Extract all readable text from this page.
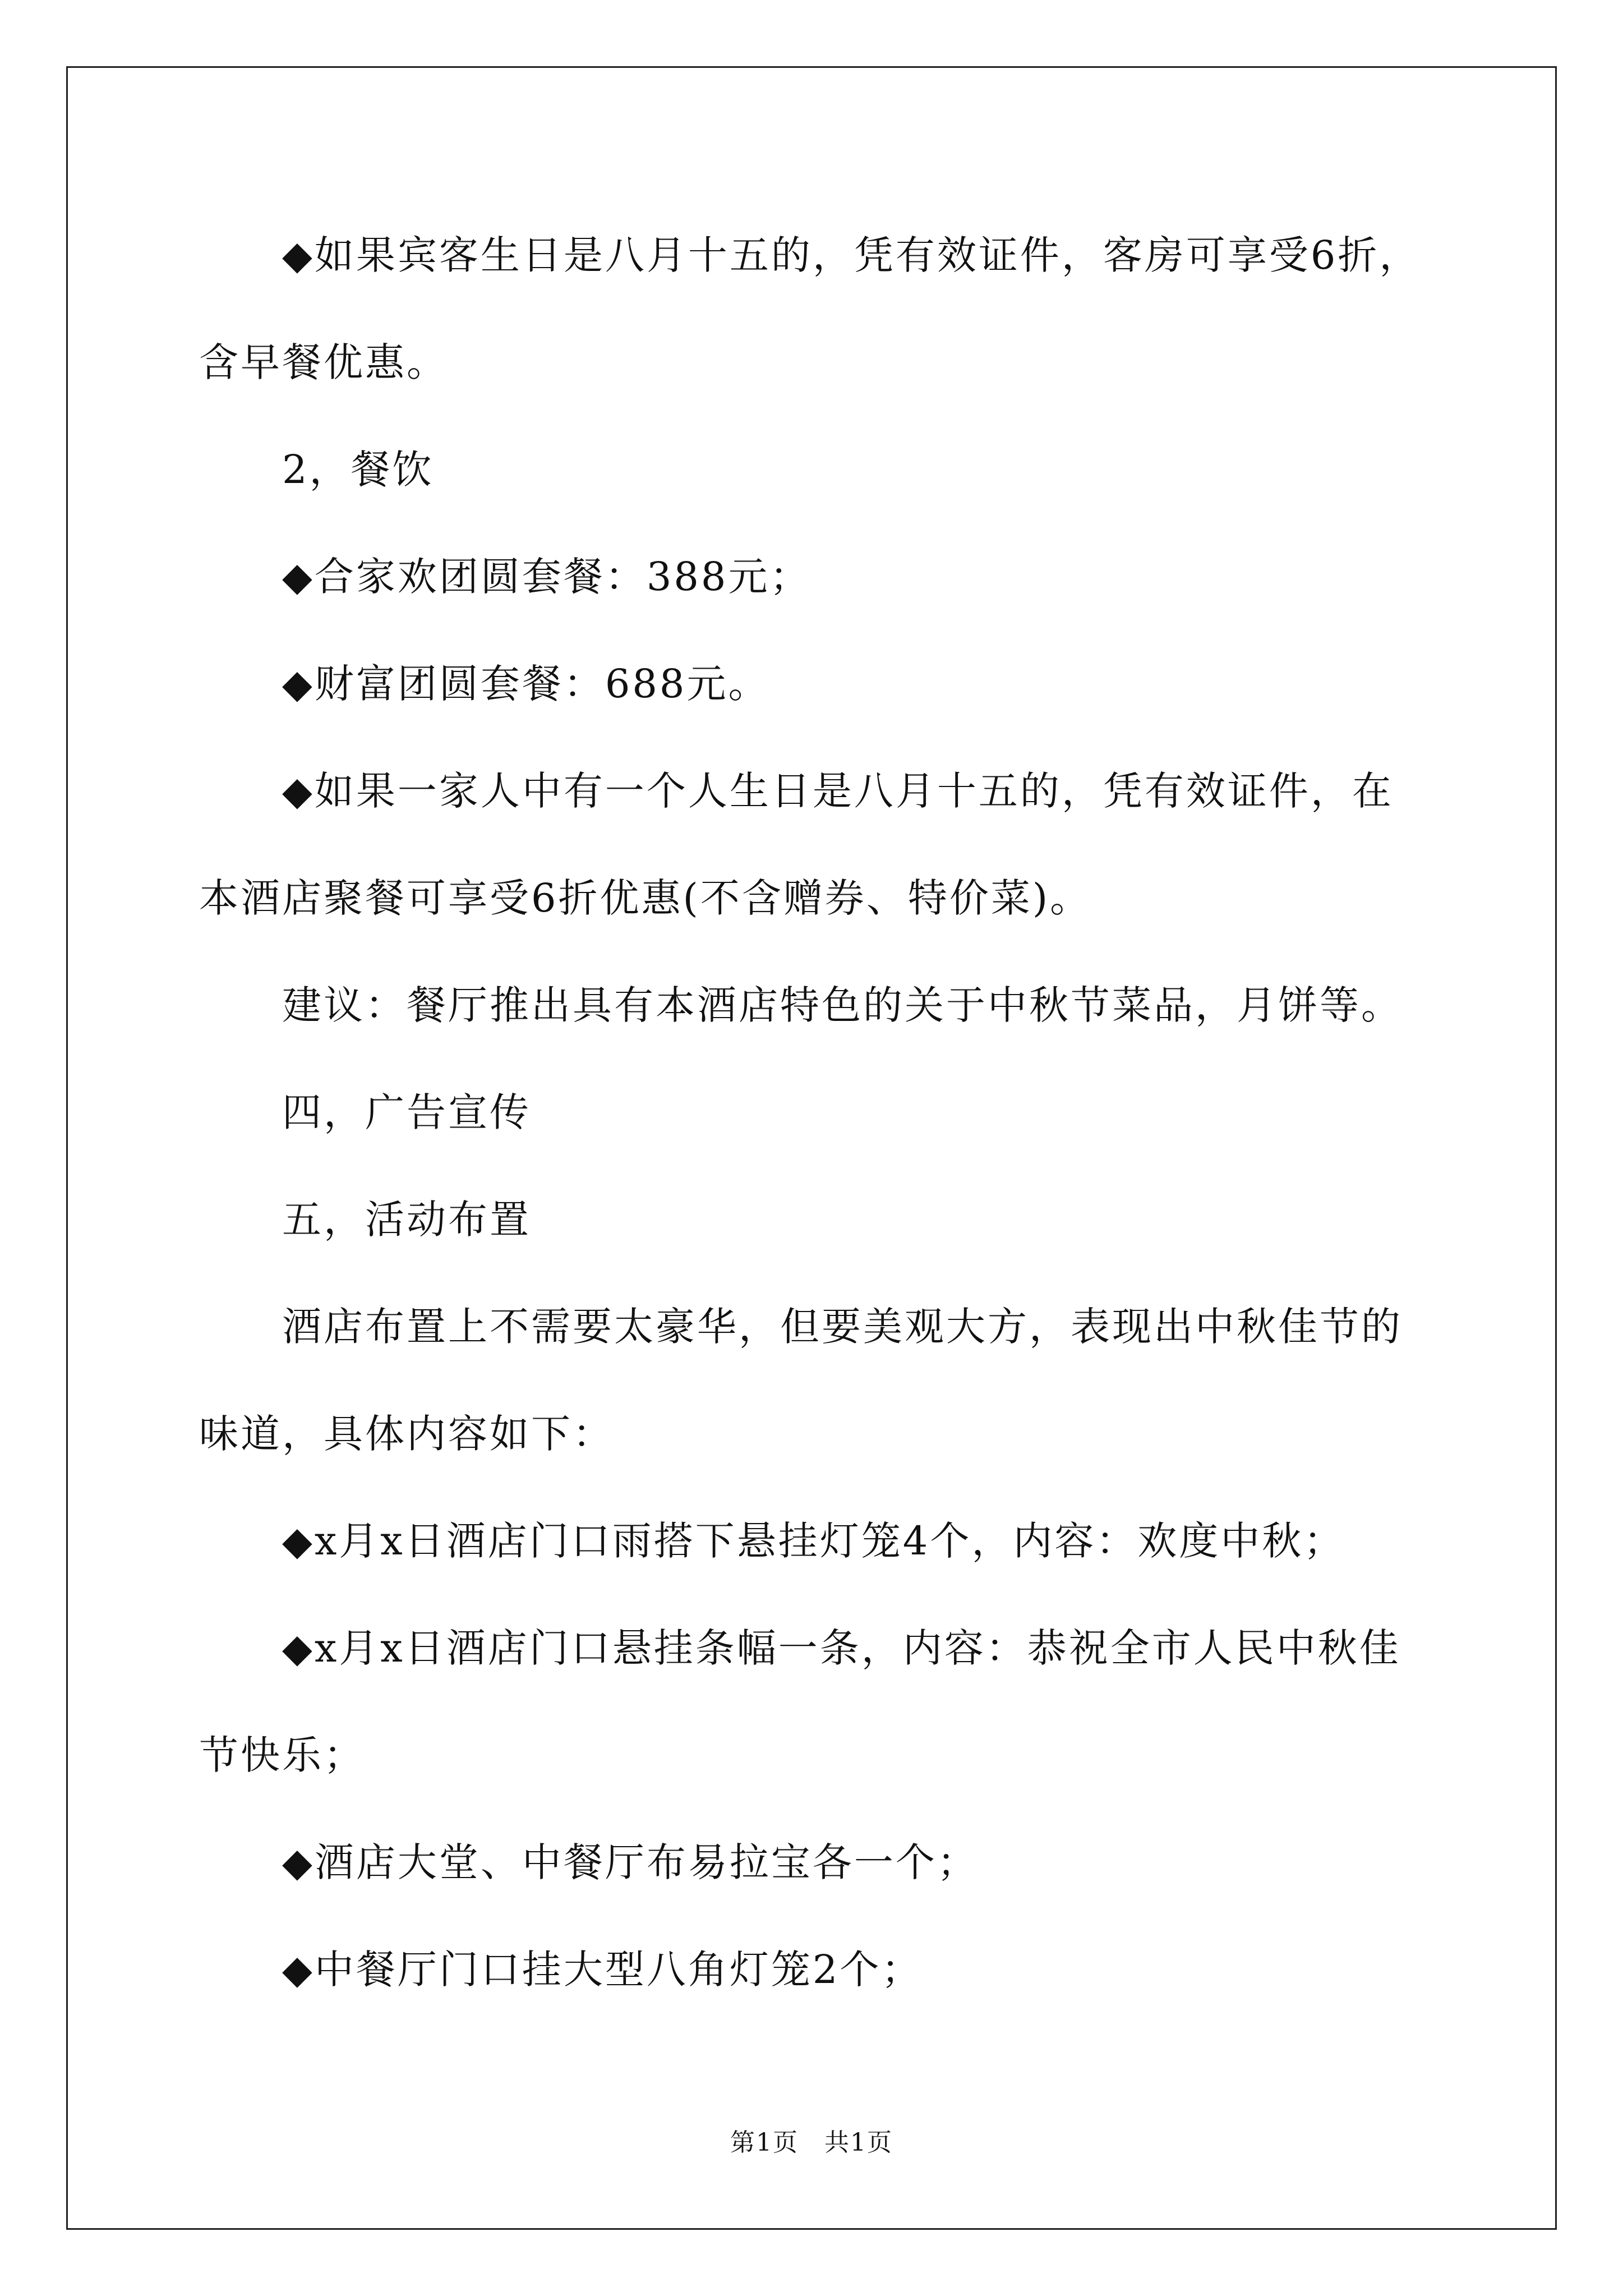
◆如果宾客生日是八月十五的，凭有效证件，客房可享受6折，含早餐优惠。

2，餐饮

◆合家欢团圆套餐：388元；

◆财富团圆套餐：688元。

◆如果一家人中有一个人生日是八月十五的，凭有效证件，在本酒店聚餐可享受6折优惠(不含赠券、特价菜)。

建议：餐厅推出具有本酒店特色的关于中秋节菜品，月饼等。

四，广告宣传

五，活动布置

酒店布置上不需要太豪华，但要美观大方，表现出中秋佳节的味道，具体内容如下：

◆x月x日酒店门口雨搭下悬挂灯笼4个，内容：欢度中秋；

◆x月x日酒店门口悬挂条幅一条，内容：恭祝全市人民中秋佳节快乐；

◆酒店大堂、中餐厅布易拉宝各一个；

◆中餐厅门口挂大型八角灯笼2个；

第1页　共1页
